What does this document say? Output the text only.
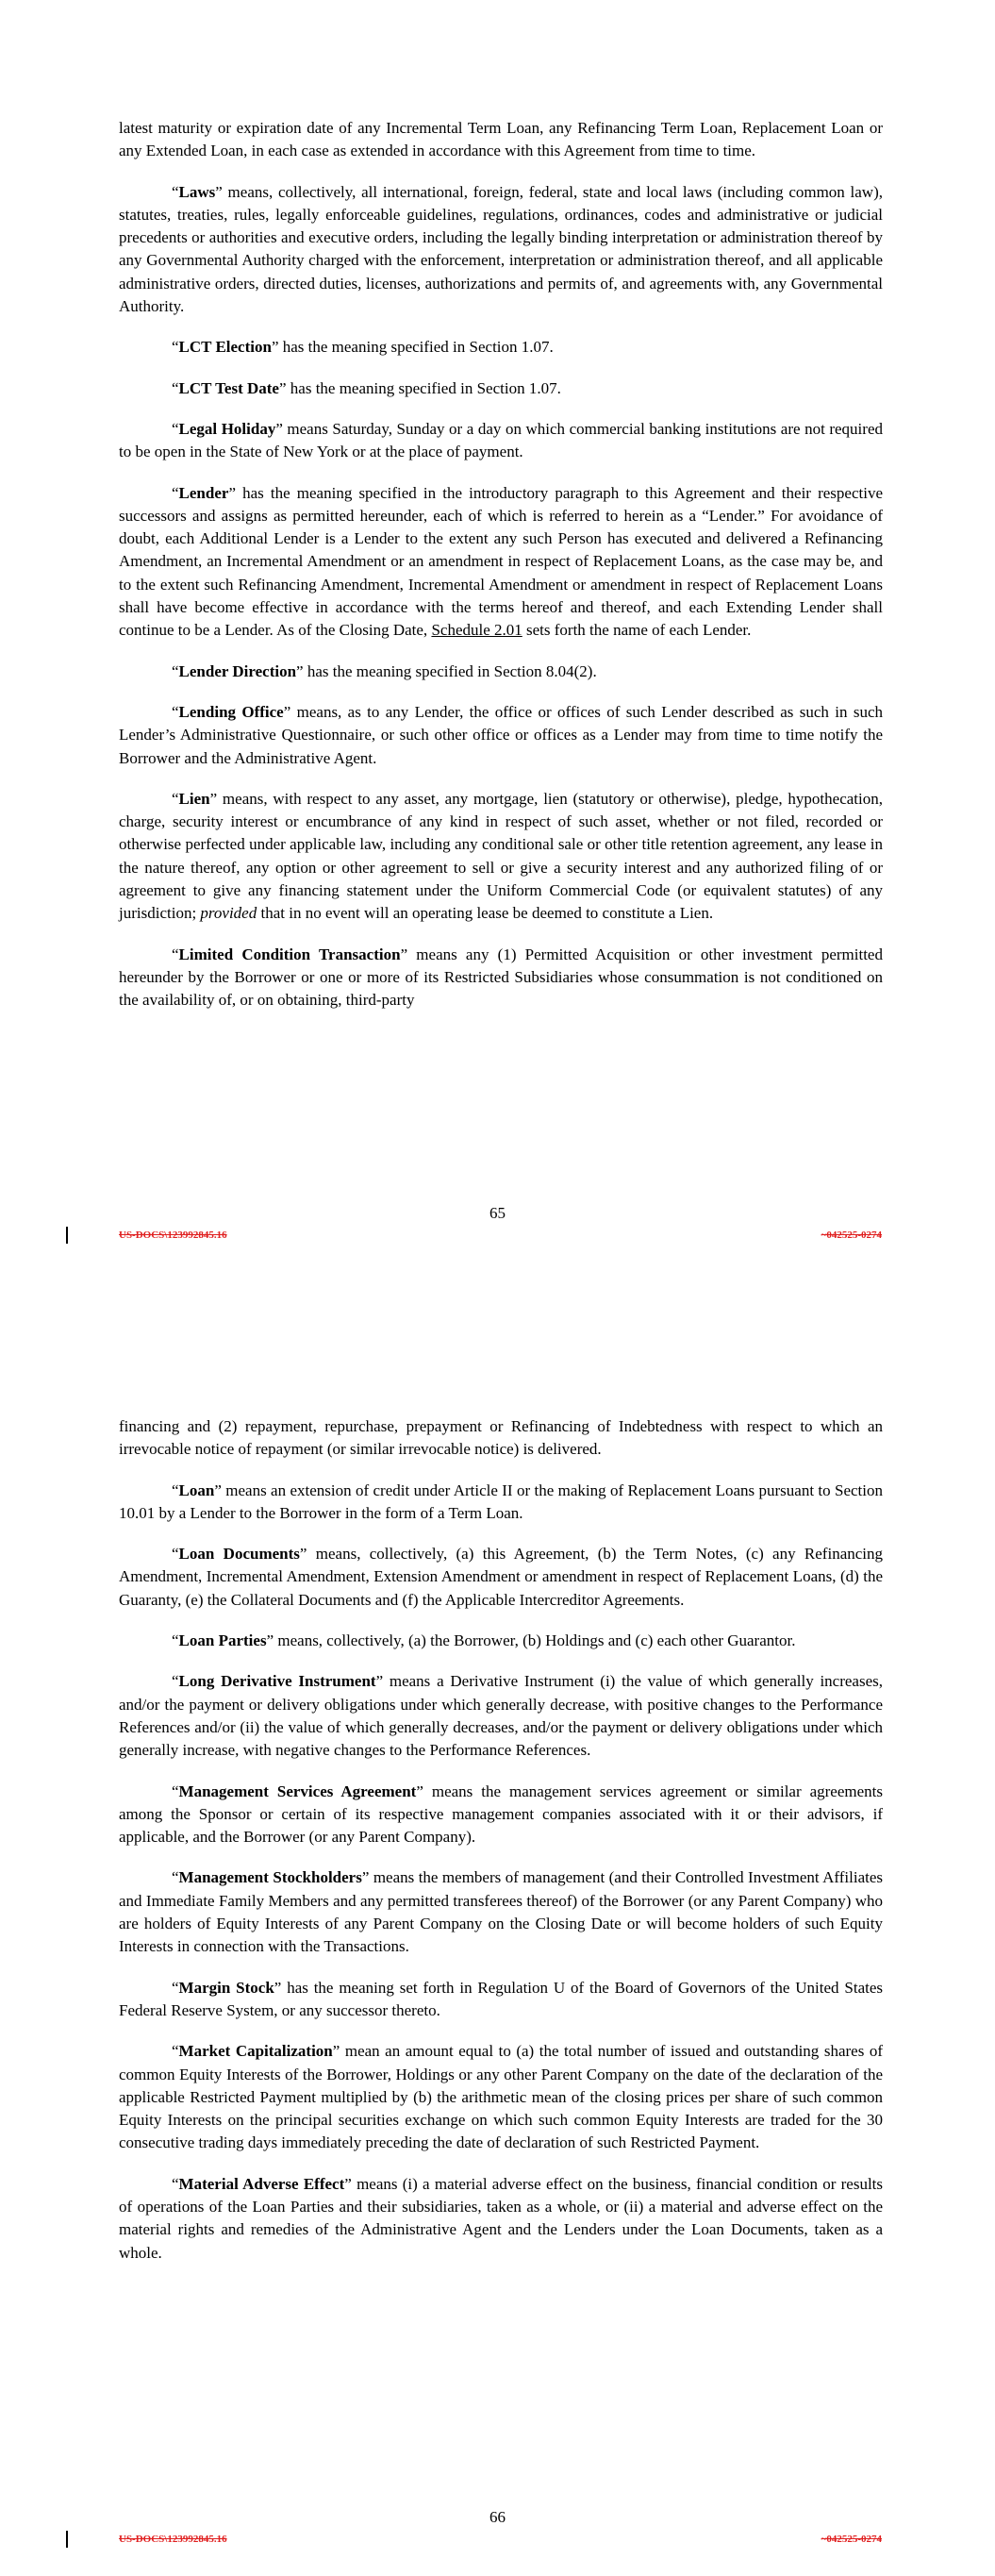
latest maturity or expiration date of any Incremental Term Loan, any Refinancing Term Loan, Replacement Loan or any Extended Loan, in each case as extended in accordance with this Agreement from time to time.

“Laws” means, collectively, all international, foreign, federal, state and local laws (including common law), statutes, treaties, rules, legally enforceable guidelines, regulations, ordinances, codes and administrative or judicial precedents or authorities and executive orders, including the legally binding interpretation or administration thereof by any Governmental Authority charged with the enforcement, interpretation or administration thereof, and all applicable administrative orders, directed duties, licenses, authorizations and permits of, and agreements with, any Governmental Authority.

“LCT Election” has the meaning specified in Section 1.07.

“LCT Test Date” has the meaning specified in Section 1.07.

“Legal Holiday” means Saturday, Sunday or a day on which commercial banking institutions are not required to be open in the State of New York or at the place of payment.

“Lender” has the meaning specified in the introductory paragraph to this Agreement and their respective successors and assigns as permitted hereunder, each of which is referred to herein as a “Lender.” For avoidance of doubt, each Additional Lender is a Lender to the extent any such Person has executed and delivered a Refinancing Amendment, an Incremental Amendment or an amendment in respect of Replacement Loans, as the case may be, and to the extent such Refinancing Amendment, Incremental Amendment or amendment in respect of Replacement Loans shall have become effective in accordance with the terms hereof and thereof, and each Extending Lender shall continue to be a Lender. As of the Closing Date, Schedule 2.01 sets forth the name of each Lender.

“Lender Direction” has the meaning specified in Section 8.04(2).

“Lending Office” means, as to any Lender, the office or offices of such Lender described as such in such Lender’s Administrative Questionnaire, or such other office or offices as a Lender may from time to time notify the Borrower and the Administrative Agent.

“Lien” means, with respect to any asset, any mortgage, lien (statutory or otherwise), pledge, hypothecation, charge, security interest or encumbrance of any kind in respect of such asset, whether or not filed, recorded or otherwise perfected under applicable law, including any conditional sale or other title retention agreement, any lease in the nature thereof, any option or other agreement to sell or give a security interest and any authorized filing of or agreement to give any financing statement under the Uniform Commercial Code (or equivalent statutes) of any jurisdiction; provided that in no event will an operating lease be deemed to constitute a Lien.

“Limited Condition Transaction” means any (1) Permitted Acquisition or other investment permitted hereunder by the Borrower or one or more of its Restricted Subsidiaries whose consummation is not conditioned on the availability of, or on obtaining, third-party

65
US-DOCS\123992845.16	~042525-0274

financing and (2) repayment, repurchase, prepayment or Refinancing of Indebtedness with respect to which an irrevocable notice of repayment (or similar irrevocable notice) is delivered.

“Loan” means an extension of credit under Article II or the making of Replacement Loans pursuant to Section 10.01 by a Lender to the Borrower in the form of a Term Loan.

“Loan Documents” means, collectively, (a) this Agreement, (b) the Term Notes, (c) any Refinancing Amendment, Incremental Amendment, Extension Amendment or amendment in respect of Replacement Loans, (d) the Guaranty, (e) the Collateral Documents and (f) the Applicable Intercreditor Agreements.

“Loan Parties” means, collectively, (a) the Borrower, (b) Holdings and (c) each other Guarantor.

“Long Derivative Instrument” means a Derivative Instrument (i) the value of which generally increases, and/or the payment or delivery obligations under which generally decrease, with positive changes to the Performance References and/or (ii) the value of which generally decreases, and/or the payment or delivery obligations under which generally increase, with negative changes to the Performance References.

“Management Services Agreement” means the management services agreement or similar agreements among the Sponsor or certain of its respective management companies associated with it or their advisors, if applicable, and the Borrower (or any Parent Company).

“Management Stockholders” means the members of management (and their Controlled Investment Affiliates and Immediate Family Members and any permitted transferees thereof) of the Borrower (or any Parent Company) who are holders of Equity Interests of any Parent Company on the Closing Date or will become holders of such Equity Interests in connection with the Transactions.

“Margin Stock” has the meaning set forth in Regulation U of the Board of Governors of the United States Federal Reserve System, or any successor thereto.

“Market Capitalization” mean an amount equal to (a) the total number of issued and outstanding shares of common Equity Interests of the Borrower, Holdings or any other Parent Company on the date of the declaration of the applicable Restricted Payment multiplied by (b) the arithmetic mean of the closing prices per share of such common Equity Interests on the principal securities exchange on which such common Equity Interests are traded for the 30 consecutive trading days immediately preceding the date of declaration of such Restricted Payment.

“Material Adverse Effect” means (i) a material adverse effect on the business, financial condition or results of operations of the Loan Parties and their subsidiaries, taken as a whole, or (ii) a material and adverse effect on the material rights and remedies of the Administrative Agent and the Lenders under the Loan Documents, taken as a whole.

66
US-DOCS\123992845.16	~042525-0274
